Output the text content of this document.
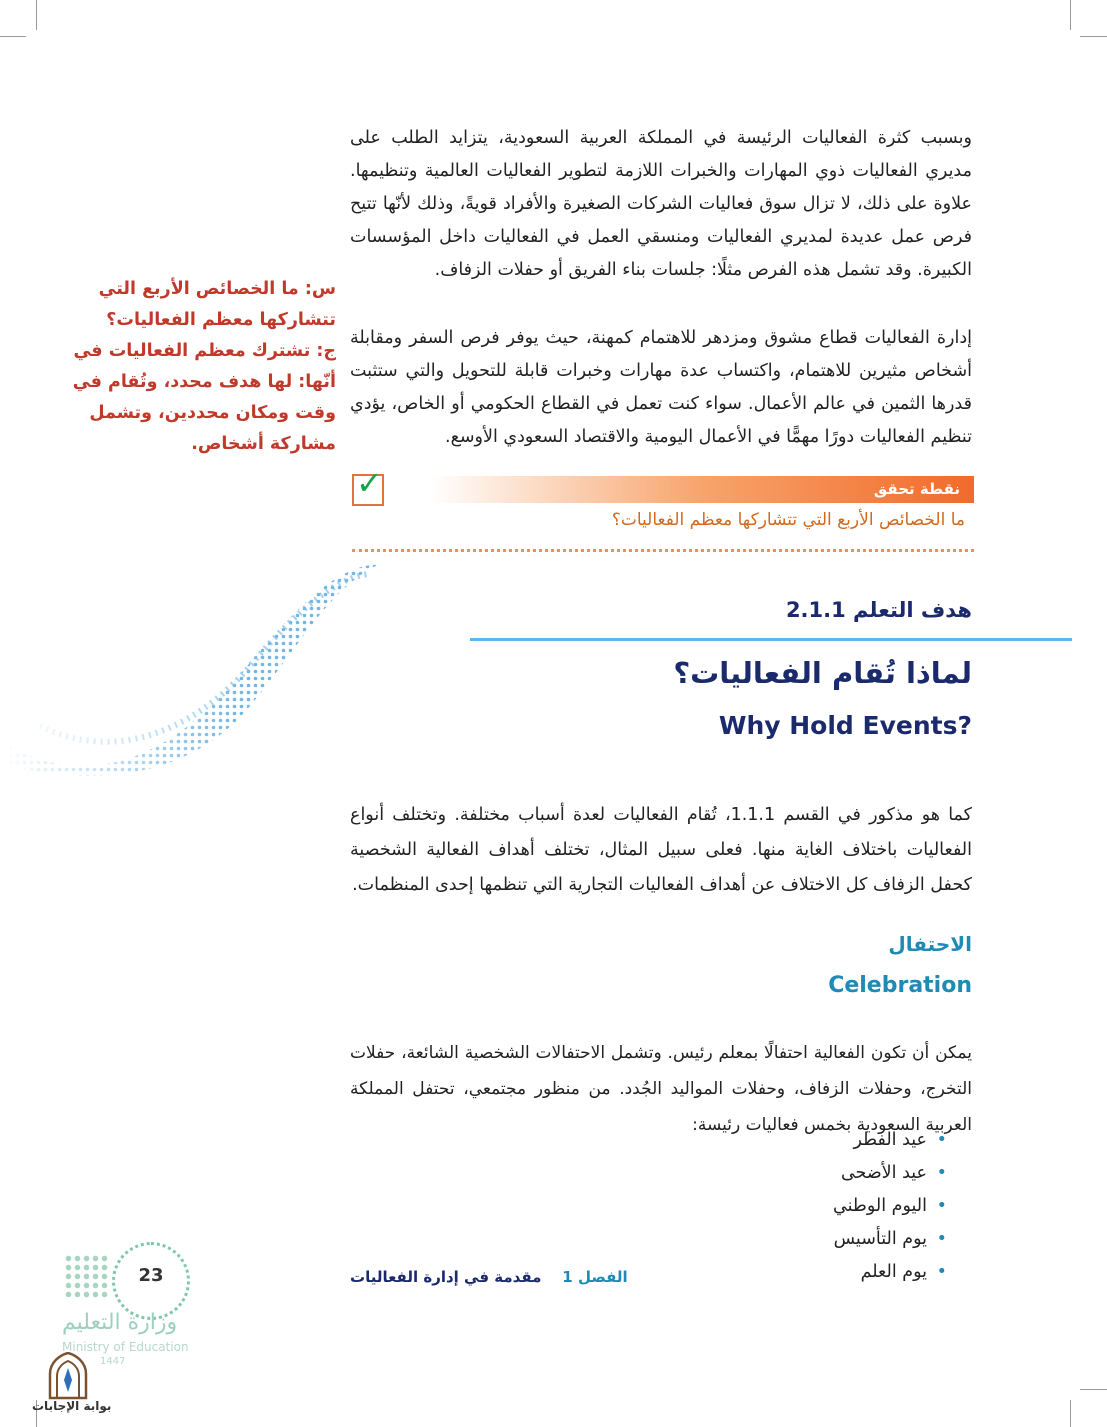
وبسبب كثرة الفعاليات الرئيسة في المملكة العربية السعودية، يتزايد الطلب على مديري الفعاليات ذوي المهارات والخبرات اللازمة لتطوير الفعاليات العالمية وتنظيمها. علاوة على ذلك، لا تزال سوق فعاليات الشركات الصغيرة والأفراد قويةً، وذلك لأنّها تتيح فرص عمل عديدة لمديري الفعاليات ومنسقي العمل في الفعاليات داخل المؤسسات الكبيرة. وقد تشمل هذه الفرص مثلًا: جلسات بناء الفريق أو حفلات الزفاف.

إدارة الفعاليات قطاع مشوق ومزدهر للاهتمام كمهنة، حيث يوفر فرص السفر ومقابلة أشخاص مثيرين للاهتمام، واكتساب عدة مهارات وخبرات قابلة للتحويل والتي ستثبت قدرها الثمين في عالم الأعمال. سواء كنت تعمل في القطاع الحكومي أو الخاص، يؤدي تنظيم الفعاليات دورًا مهمًّا في الأعمال اليومية والاقتصاد السعودي الأوسع.

س: ما الخصائص الأربع التي تتشاركها معظم الفعاليات؟
ج: تشترك معظم الفعاليات في أنّها: لها هدف محدد، وتُقام في وقت ومكان محددين، وتشمل مشاركة أشخاص.
✓	نقطة تحقق
ما الخصائص الأربع التي تتشاركها معظم الفعاليات؟
هدف التعلم 2.1.1
لماذا تُقام الفعاليات؟
Why Hold Events?

كما هو مذكور في القسم 1.1.1، تُقام الفعاليات لعدة أسباب مختلفة. وتختلف أنواع الفعاليات باختلاف الغاية منها. فعلى سبيل المثال، تختلف أهداف الفعالية الشخصية كحفل الزفاف كل الاختلاف عن أهداف الفعاليات التجارية التي تنظمها إحدى المنظمات.

الاحتفال
Celebration

يمكن أن تكون الفعالية احتفالًا بمعلم رئيس. وتشمل الاحتفالات الشخصية الشائعة، حفلات التخرج، وحفلات الزفاف، وحفلات المواليد الجُدد. من منظور مجتمعي، تحتفل المملكة العربية السعودية بخمس فعاليات رئيسة:

عيد الفطر •
عيد الأضحى •
اليوم الوطني •
يوم التأسيس •
يوم العلم •
الفصل 1    مقدمة في إدارة الفعاليات
23
وزارة التعليم
Ministry of Education
1447
بوابة الإجابات
